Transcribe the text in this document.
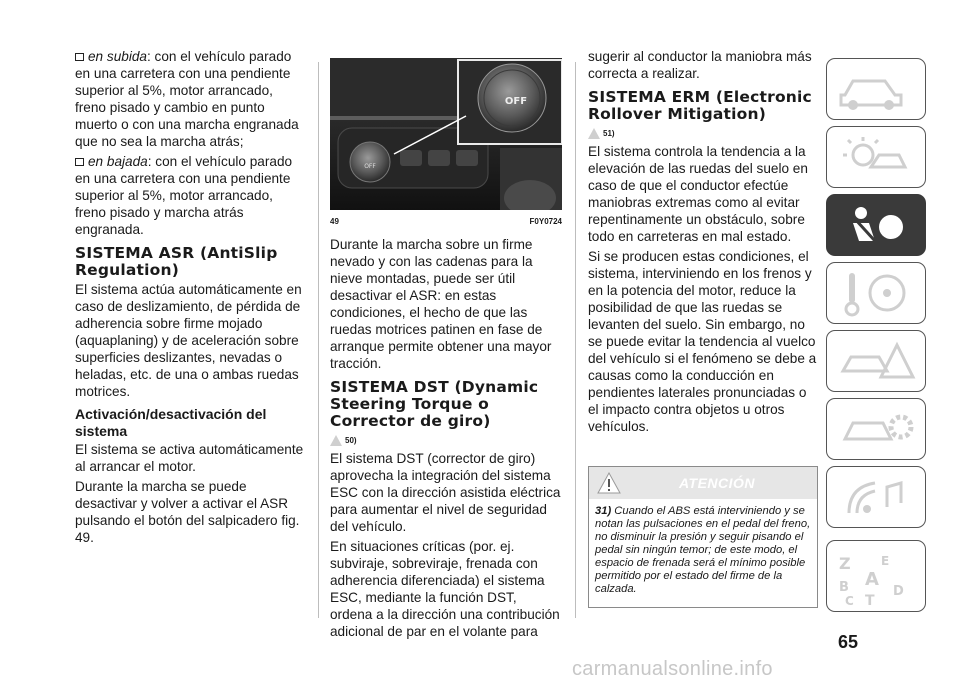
en subida: con el vehículo parado en una carretera con una pendiente superior al 5%, motor arrancado, freno pisado y cambio en punto muerto o con una marcha engranada que no sea la marcha atrás;

en bajada: con el vehículo parado en una carretera con una pendiente superior al 5%, motor arrancado, freno pisado y marcha atrás engranada.

SISTEMA ASR (AntiSlip Regulation)

El sistema actúa automáticamente en caso de deslizamiento, de pérdida de adherencia sobre firme mojado (aquaplaning) y de aceleración sobre superficies deslizantes, nevadas o heladas, etc. de una o ambas ruedas motrices.

Activación/desactivación del sistema

El sistema se activa automáticamente al arrancar el motor.

Durante la marcha se puede desactivar y volver a activar el ASR pulsando el botón del salpicadero fig. 49.

OFF
OFF
49	F0Y0724

Durante la marcha sobre un firme nevado y con las cadenas para la nieve montadas, puede ser útil desactivar el ASR: en estas condiciones, el hecho de que las ruedas motrices patinen en fase de arranque permite obtener una mayor tracción.

SISTEMA DST (Dynamic Steering Torque o Corrector de giro)
50)

El sistema DST (corrector de giro) aprovecha la integración del sistema ESC con la dirección asistida eléctrica para aumentar el nivel de seguridad del vehículo.

En situaciones críticas (por. ej. subviraje, sobreviraje, frenada con adherencia diferenciada) el sistema ESC, mediante la función DST, ordena a la dirección una contribución adicional de par en el volante para

sugerir al conductor la maniobra más correcta a realizar.

SISTEMA ERM (Electronic Rollover Mitigation)
51)

El sistema controla la tendencia a la elevación de las ruedas del suelo en caso de que el conductor efectúe maniobras extremas como al evitar repentinamente un obstáculo, sobre todo en carreteras en mal estado.

Si se producen estas condiciones, el sistema, interviniendo en los frenos y en la potencia del motor, reduce la posibilidad de que las ruedas se levanten del suelo. Sin embargo, no se puede evitar la tendencia al vuelco del vehículo si el fenómeno se debe a causas como la conducción en pendientes laterales pronunciadas o el impacto contra objetos u otros vehículos.

ATENCIÓN
31) Cuando el ABS está interviniendo y se notan las pulsaciones en el pedal del freno, no disminuir la presión y seguir pisando el pedal sin ningún temor; de este modo, el espacio de frenada será el mínimo posible permitido por el estado del firme de la calzada.
Z	E
A
B
C T
D
65
carmanualsonline.info
